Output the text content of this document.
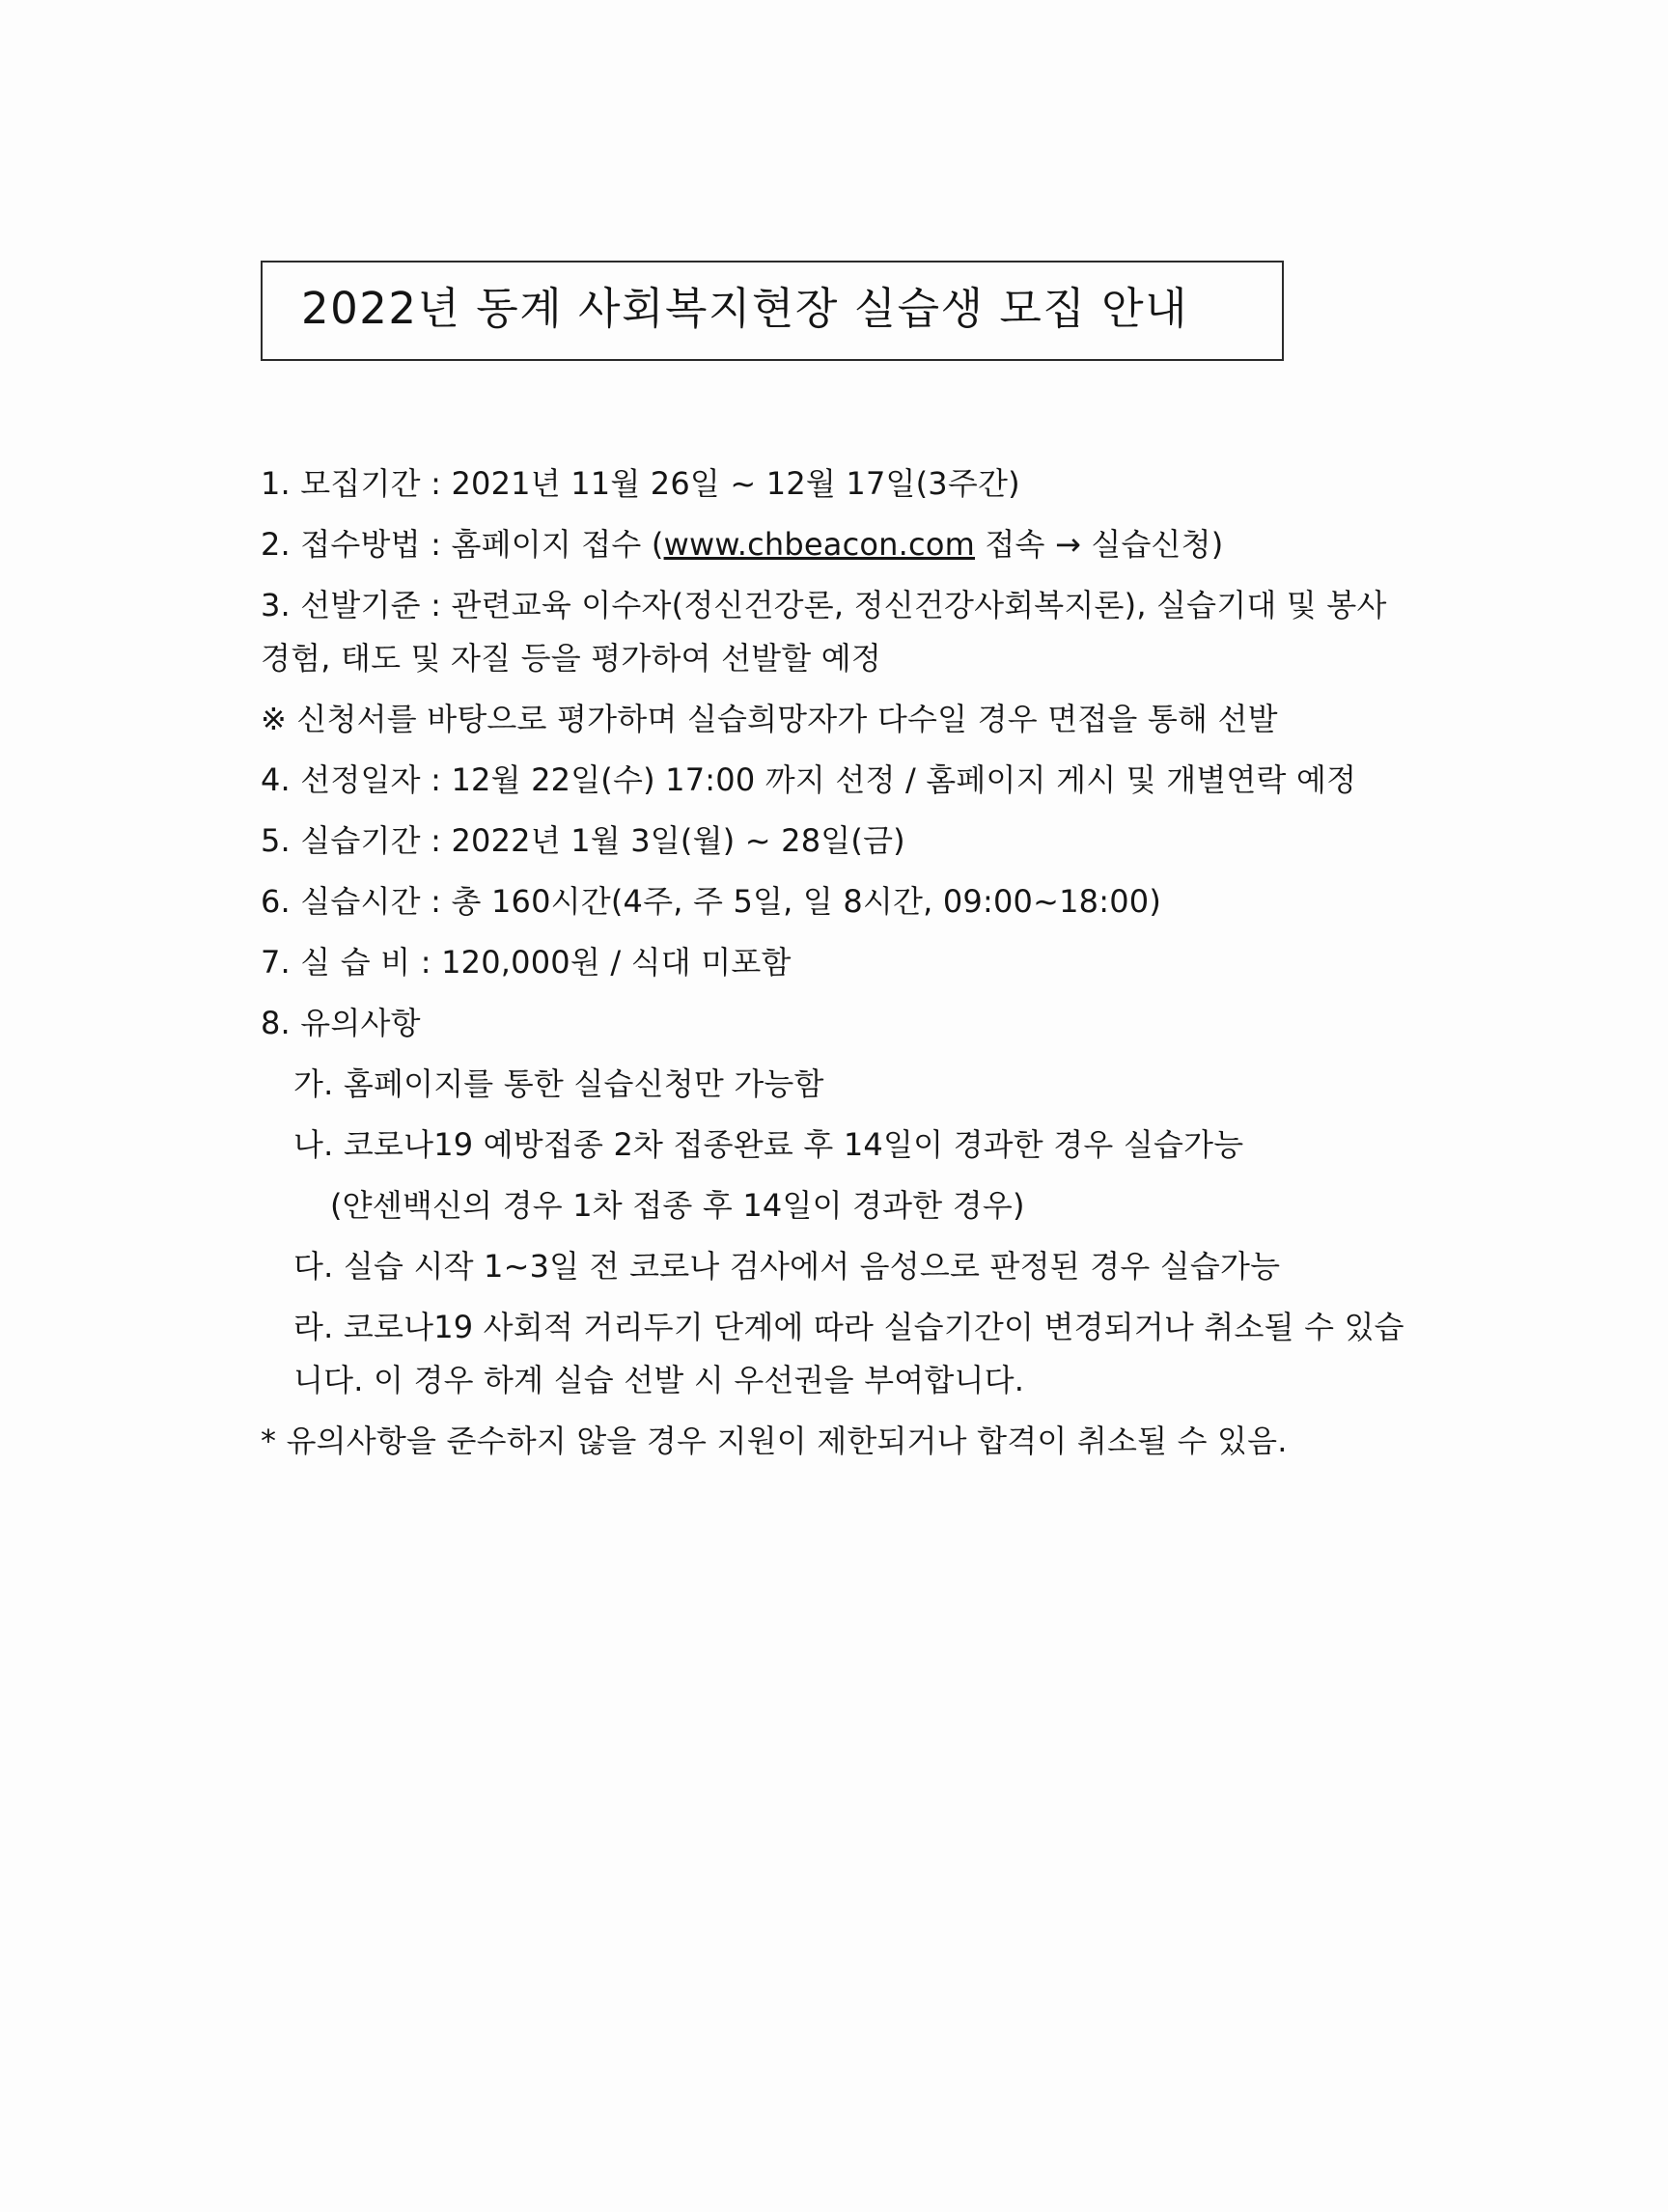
2022년 동계 사회복지현장 실습생 모집 안내

1. 모집기간 : 2021년 11월 26일 ~ 12월 17일(3주간)

2. 접수방법 : 홈페이지 접수 (www.chbeacon.com 접속 → 실습신청)

3. 선발기준 : 관련교육 이수자(정신건강론, 정신건강사회복지론), 실습기대 및 봉사경험, 태도 및 자질 등을 평가하여 선발할 예정

※ 신청서를 바탕으로 평가하며 실습희망자가 다수일 경우 면접을 통해 선발

4. 선정일자 : 12월 22일(수) 17:00 까지 선정 / 홈페이지 게시 및 개별연락 예정

5. 실습기간 : 2022년 1월 3일(월) ~ 28일(금)

6. 실습시간 : 총 160시간(4주, 주 5일, 일 8시간, 09:00~18:00)

7. 실 습 비 : 120,000원 / 식대 미포함

8. 유의사항

가. 홈페이지를 통한 실습신청만 가능함

나. 코로나19 예방접종 2차 접종완료 후 14일이 경과한 경우 실습가능

(얀센백신의 경우 1차 접종 후 14일이 경과한 경우)

다. 실습 시작 1~3일 전 코로나 검사에서 음성으로 판정된 경우 실습가능

라. 코로나19 사회적 거리두기 단계에 따라 실습기간이 변경되거나 취소될 수 있습니다. 이 경우 하계 실습 선발 시 우선권을 부여합니다.

* 유의사항을 준수하지 않을 경우 지원이 제한되거나 합격이 취소될 수 있음.
